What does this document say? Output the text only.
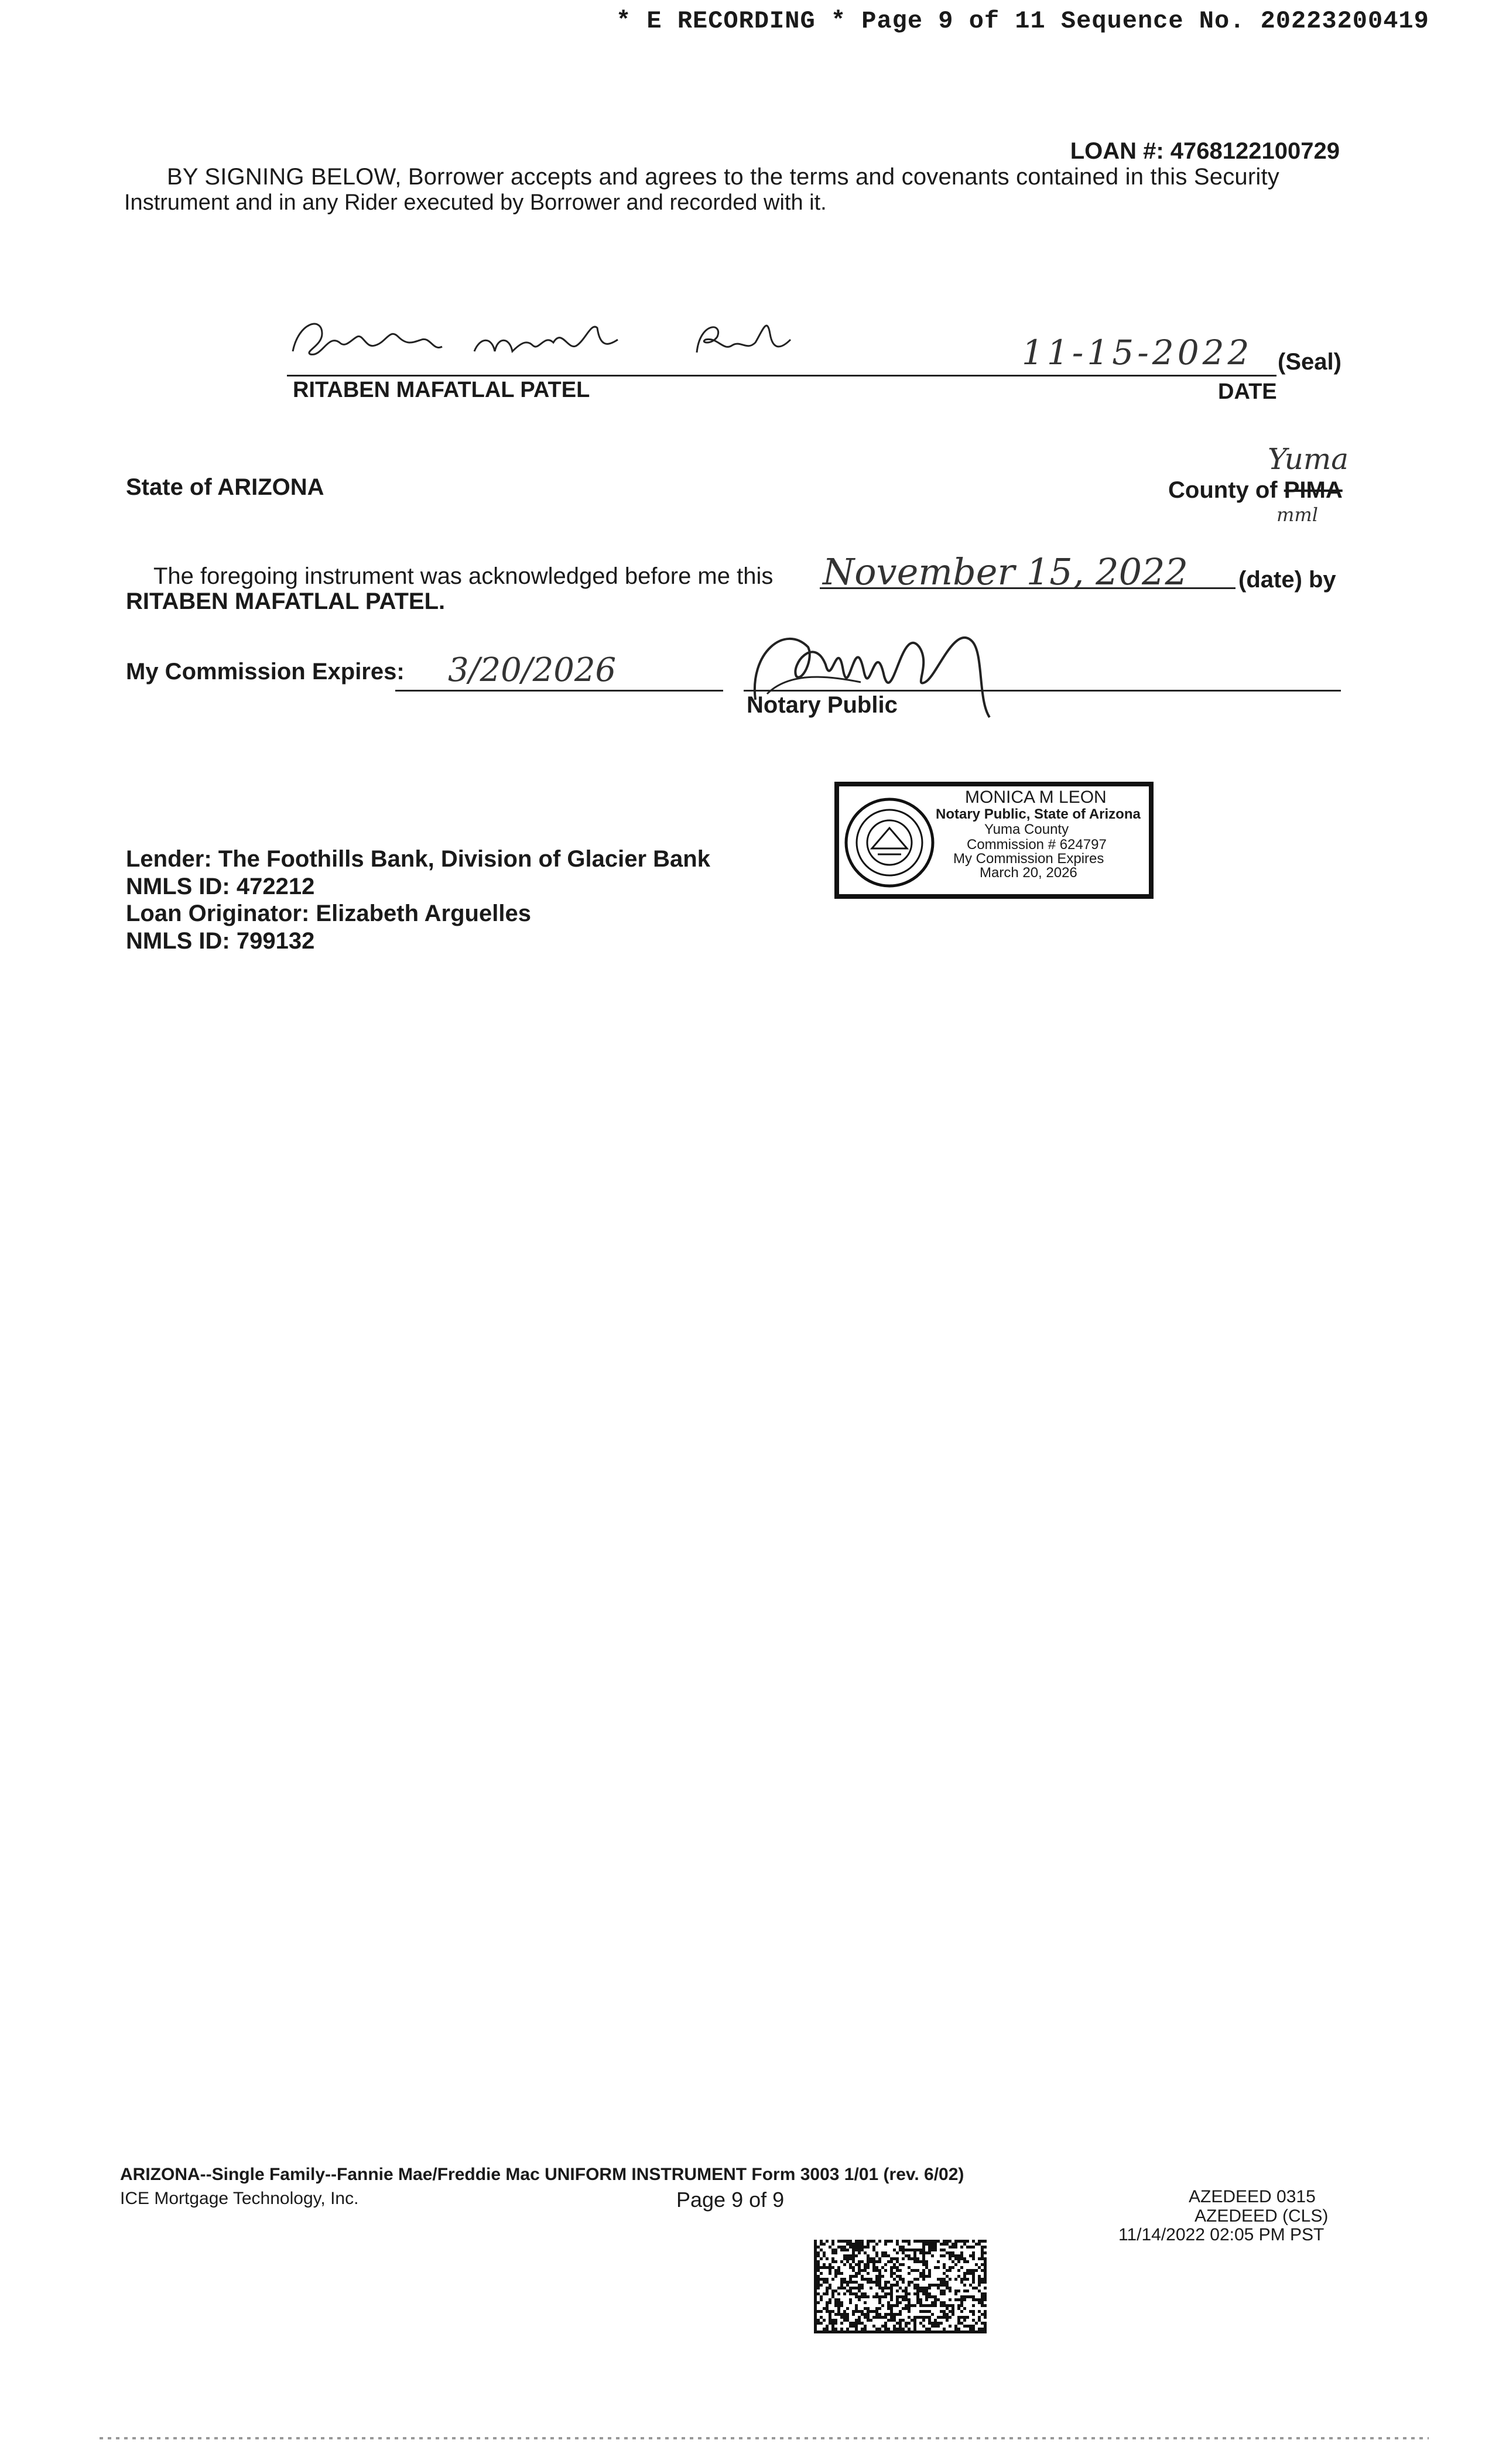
* E RECORDING * Page 9 of 11 Sequence No. 20223200419
LOAN #: 4768122100729
BY SIGNING BELOW, Borrower accepts and agrees to the terms and covenants contained in this Security
Instrument and in any Rider executed by Borrower and recorded with it.
11-15-2022 (Seal)
RITABEN MAFATLAL PATEL	DATE
State of ARIZONA
Yuma
County of PIMA
mml
The foregoing instrument was acknowledged before me this November 15, 2022 (date) by
RITABEN MAFATLAL PATEL.
My Commission Expires: 3/20/2026
Notary Public
MONICA M LEON
Notary Public, State of Arizona
Yuma County
Commission # 624797
My Commission Expires
March 20, 2026
Lender: The Foothills Bank, Division of Glacier Bank
NMLS ID: 472212
Loan Originator: Elizabeth Arguelles
NMLS ID: 799132
ARIZONA--Single Family--Fannie Mae/Freddie Mac UNIFORM INSTRUMENT Form 3003 1/01 (rev. 6/02)
ICE Mortgage Technology, Inc.	Page 9 of 9	AZEDEED 0315
AZEDEED (CLS)
11/14/2022 02:05 PM PST
